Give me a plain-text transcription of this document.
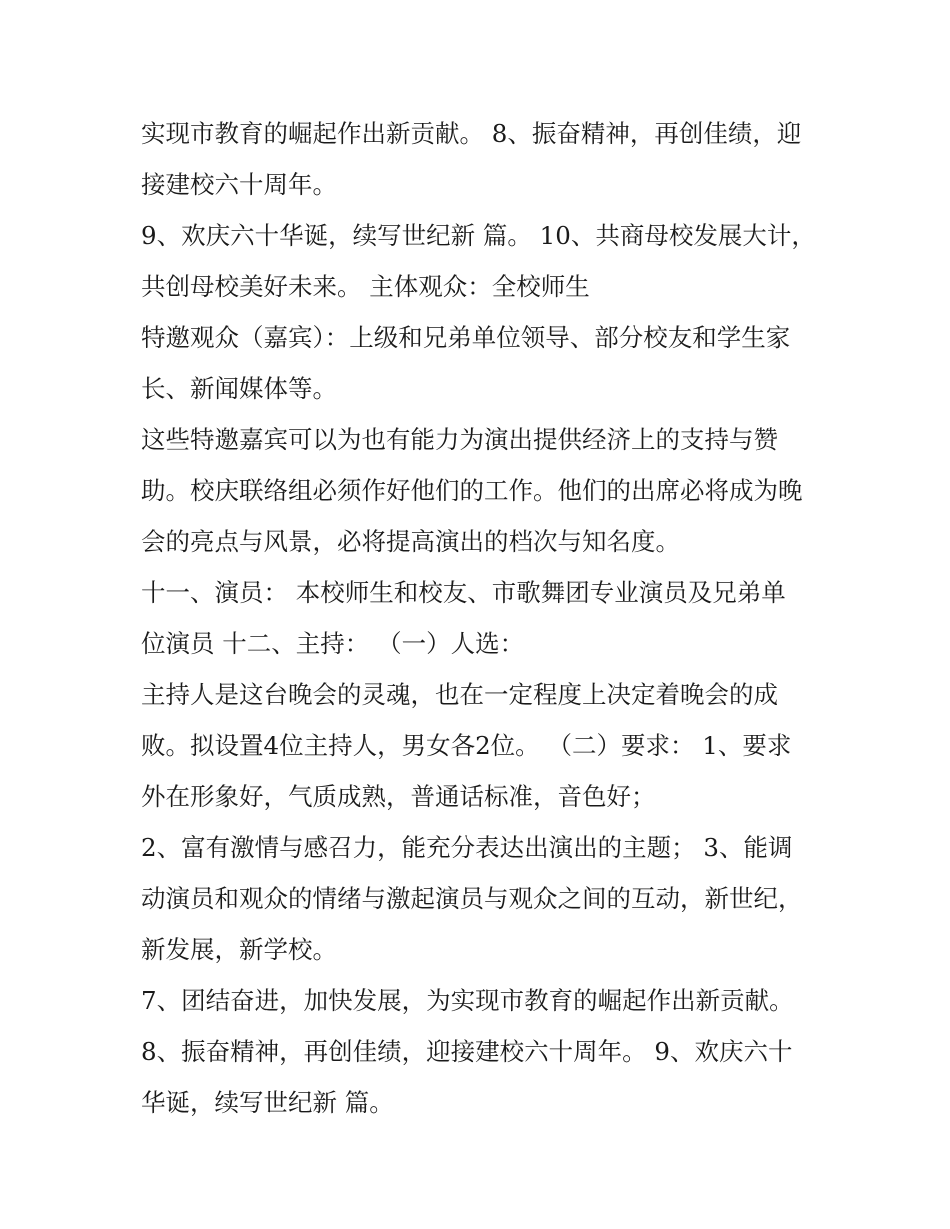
实现市教育的崛起作出新贡献。 8、振奋精神，再创佳绩，迎
接建校六十周年。
9、欢庆六十华诞，续写世纪新 篇。 10、共商母校发展大计，
共创母校美好未来。 主体观众：全校师生
特邀观众（嘉宾）：上级和兄弟单位领导、部分校友和学生家
长、新闻媒体等。
这些特邀嘉宾可以为也有能力为演出提供经济上的支持与赞
助。校庆联络组必须作好他们的工作。他们的出席必将成为晚
会的亮点与风景，必将提高演出的档次与知名度。
十一、演员： 本校师生和校友、市歌舞团专业演员及兄弟单
位演员 十二、主持： （一）人选：
主持人是这台晚会的灵魂，也在一定程度上决定着晚会的成
败。拟设置4位主持人，男女各2位。 （二）要求： 1、要求
外在形象好，气质成熟，普通话标准，音色好；
2、富有激情与感召力，能充分表达出演出的主题； 3、能调
动演员和观众的情绪与激起演员与观众之间的互动，新世纪，
新发展，新学校。
7、团结奋进，加快发展，为实现市教育的崛起作出新贡献。
8、振奋精神，再创佳绩，迎接建校六十周年。 9、欢庆六十
华诞，续写世纪新 篇。
